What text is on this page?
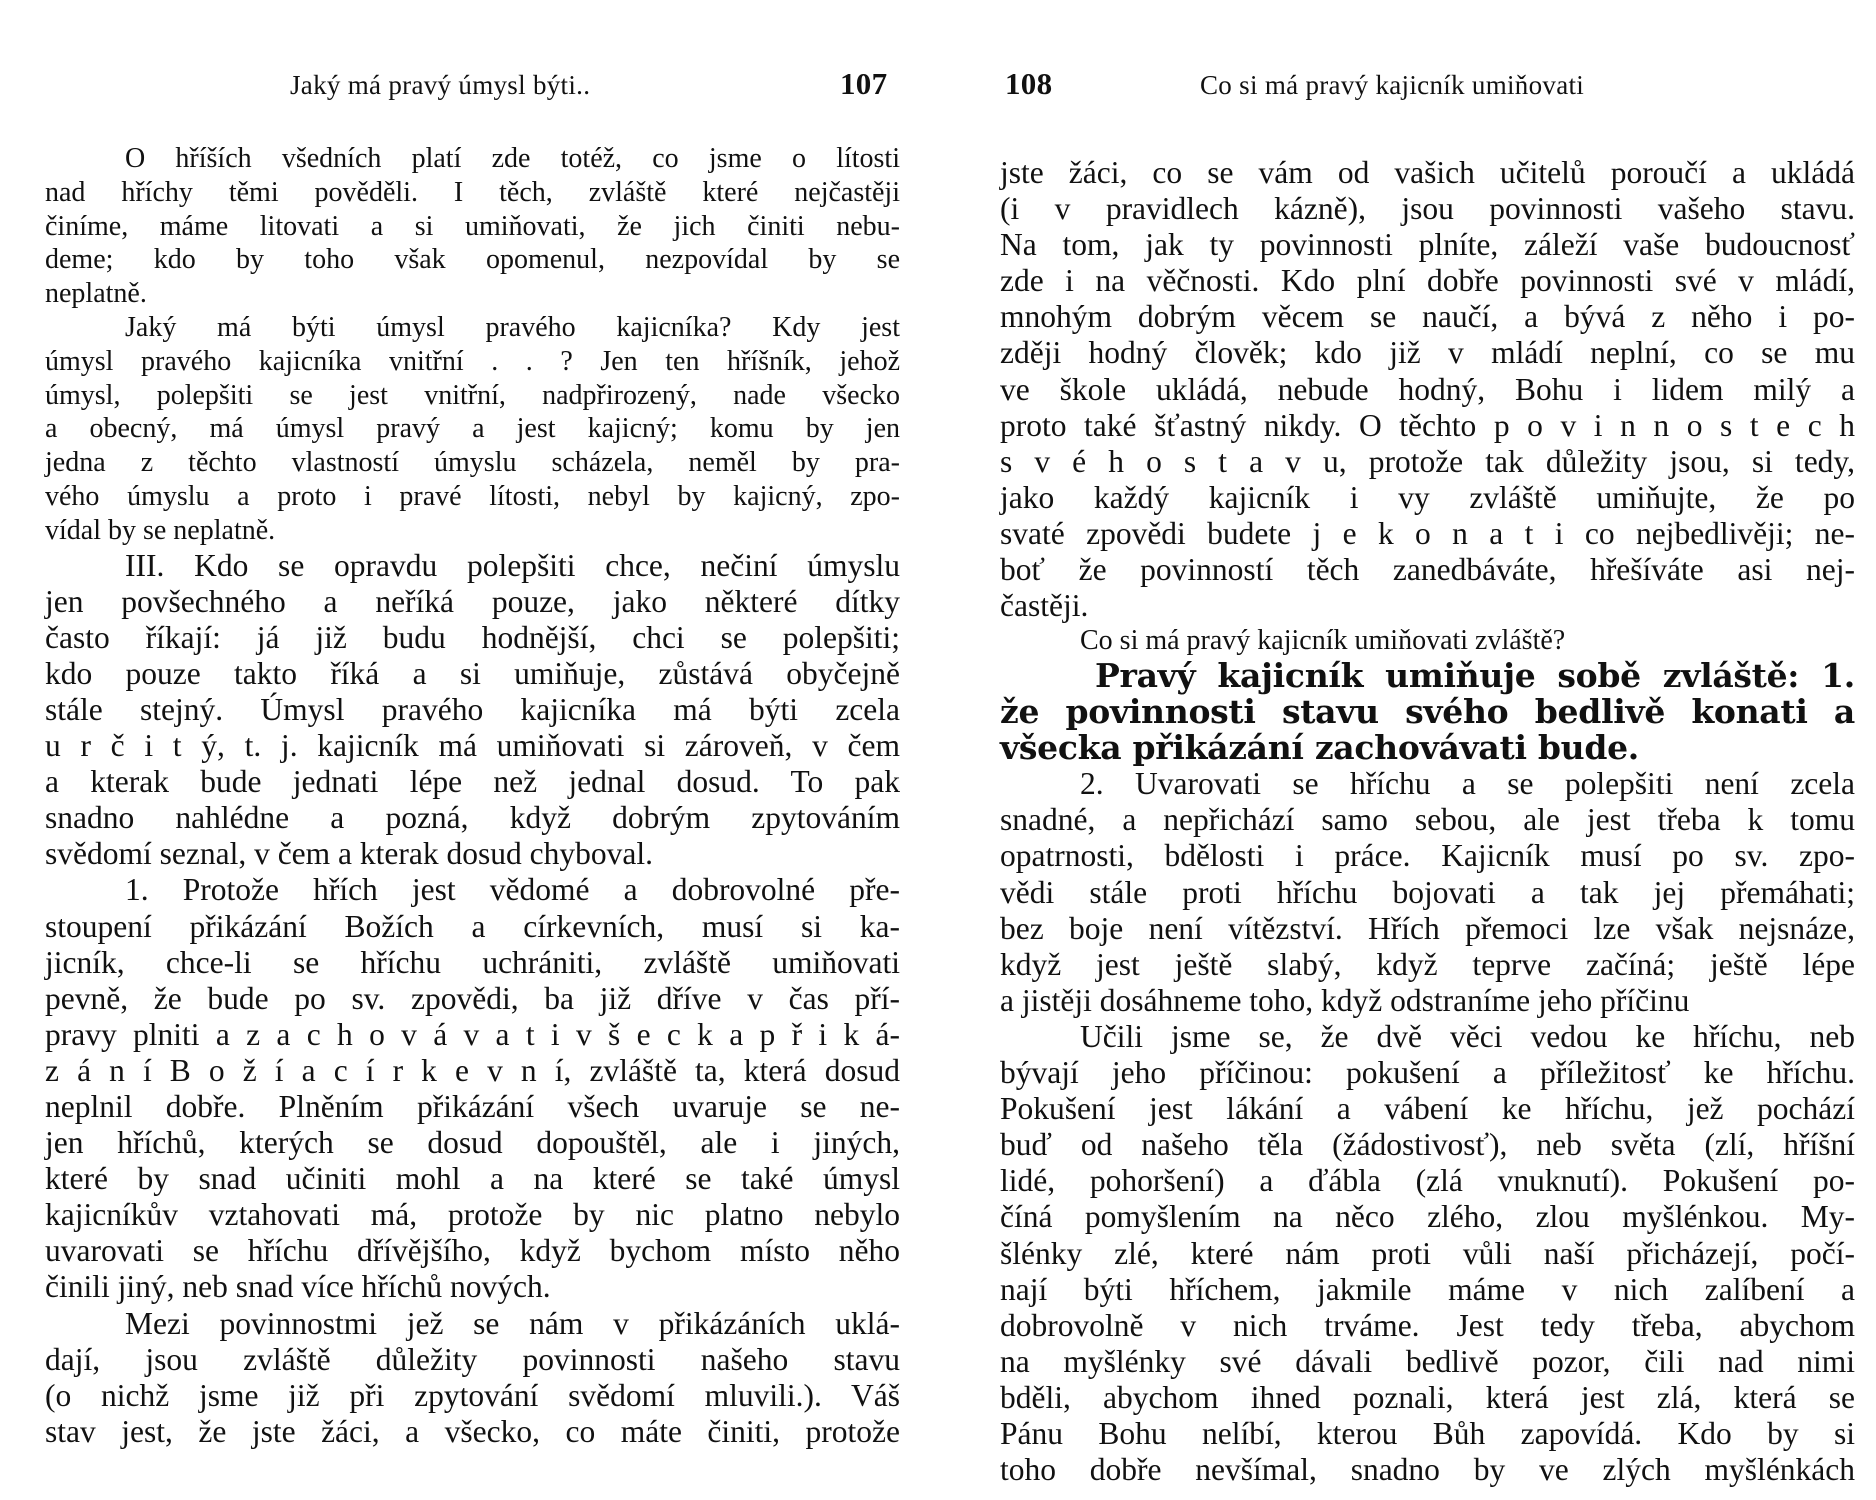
Jaký má pravý úmysl býti..	107
O hříších všedních platí zde totéž, co jsme o lítosti
nad hříchy těmi pověděli. I těch, zvláště které nejčastěji
činíme, máme litovati a si umiňovati, že jich činiti nebu-
deme; kdo by toho však opomenul, nezpovídal by se
neplatně.
Jaký má býti úmysl pravého kajicníka? Kdy jest
úmysl pravého kajicníka vnitřní . . ? Jen ten hříšník, jehož
úmysl, polepšiti se jest vnitřní, nadpřirozený, nade všecko
a obecný, má úmysl pravý a jest kajicný; komu by jen
jedna z těchto vlastností úmyslu scházela, neměl by pra-
vého úmyslu a proto i pravé lítosti, nebyl by kajicný, zpo-
vídal by se neplatně.
III. Kdo se opravdu polepšiti chce, nečiní úmyslu
jen povšechného a neříká pouze, jako některé dítky
často říkají: já již budu hodnější, chci se polepšiti;
kdo pouze takto říká a si umiňuje, zůstává obyčejně
stále stejný. Úmysl pravého kajicníka má býti zcela
u r č i t ý, t. j. kajicník má umiňovati si zároveň, v čem
a kterak bude jednati lépe než jednal dosud. To pak
snadno nahlédne a pozná, když dobrým zpytováním
svědomí seznal, v čem a kterak dosud chyboval.
1. Protože hřích jest vědomé a dobrovolné pře-
stoupení přikázání Božích a církevních, musí si ka-
jicník, chce-li se hříchu uchrániti, zvláště umiňovati
pevně, že bude po sv. zpovědi, ba již dříve v čas pří-
pravy plniti a z a c h o v á v a t i v š e c k a p ř i k á-
z á n í B o ž í a c í r k e v n í, zvláště ta, která dosud
neplnil dobře. Plněním přikázání všech uvaruje se ne-
jen hříchů, kterých se dosud dopouštěl, ale i jiných,
které by snad učiniti mohl a na které se také úmysl
kajicníkův vztahovati má, protože by nic platno nebylo
uvarovati se hříchu dřívějšího, když bychom místo něho
činili jiný, neb snad více hříchů nových.
Mezi povinnostmi jež se nám v přikázáních uklá-
dají, jsou zvláště důležity povinnosti našeho stavu
(o nichž jsme již při zpytování svědomí mluvili.). Váš
stav jest, že jste žáci, a všecko, co máte činiti, protože
108	Co si má pravý kajicník umiňovati
jste žáci, co se vám od vašich učitelů poroučí a ukládá
(i v pravidlech kázně), jsou povinnosti vašeho stavu.
Na tom, jak ty povinnosti plníte, záleží vaše budoucnosť
zde i na věčnosti. Kdo plní dobře povinnosti své v mládí,
mnohým dobrým věcem se naučí, a bývá z něho i po-
zději hodný člověk; kdo již v mládí neplní, co se mu
ve škole ukládá, nebude hodný, Bohu i lidem milý a
proto také šťastný nikdy. O těchto p o v i n n o s t e c h
s v é h o s t a v u, protože tak důležity jsou, si tedy,
jako každý kajicník i vy zvláště umiňujte, že po
svaté zpovědi budete j e k o n a t i co nejbedlivěji; ne-
boť že povinností těch zanedbáváte, hřešíváte asi nej-
častěji.
Co si má pravý kajicník umiňovati zvláště?
Pravý kajicník umiňuje sobě zvláště: 1.
že povinnosti stavu svého bedlivě konati a
všecka přikázání zachovávati bude.
2. Uvarovati se hříchu a se polepšiti není zcela
snadné, a nepřichází samo sebou, ale jest třeba k tomu
opatrnosti, bdělosti i práce. Kajicník musí po sv. zpo-
vědi stále proti hříchu bojovati a tak jej přemáhati;
bez boje není vítězství. Hřích přemoci lze však nejsnáze,
když jest ještě slabý, když teprve začíná; ještě lépe
a jistěji dosáhneme toho, když odstraníme jeho příčinu
Učili jsme se, že dvě věci vedou ke hříchu, neb
bývají jeho příčinou: pokušení a příležitosť ke hříchu.
Pokušení jest lákání a vábení ke hříchu, jež pochází
buď od našeho těla (žádostivosť), neb světa (zlí, hříšní
lidé, pohoršení) a ďábla (zlá vnuknutí). Pokušení po-
číná pomyšlením na něco zlého, zlou myšlénkou. My-
šlénky zlé, které nám proti vůli naší přicházejí, počí-
nají býti hříchem, jakmile máme v nich zalíbení a
dobrovolně v nich trváme. Jest tedy třeba, abychom
na myšlénky své dávali bedlivě pozor, čili nad nimi
bděli, abychom ihned poznali, která jest zlá, která se
Pánu Bohu nelíbí, kterou Bůh zapovídá. Kdo by si
toho dobře nevšímal, snadno by ve zlých myšlénkách
